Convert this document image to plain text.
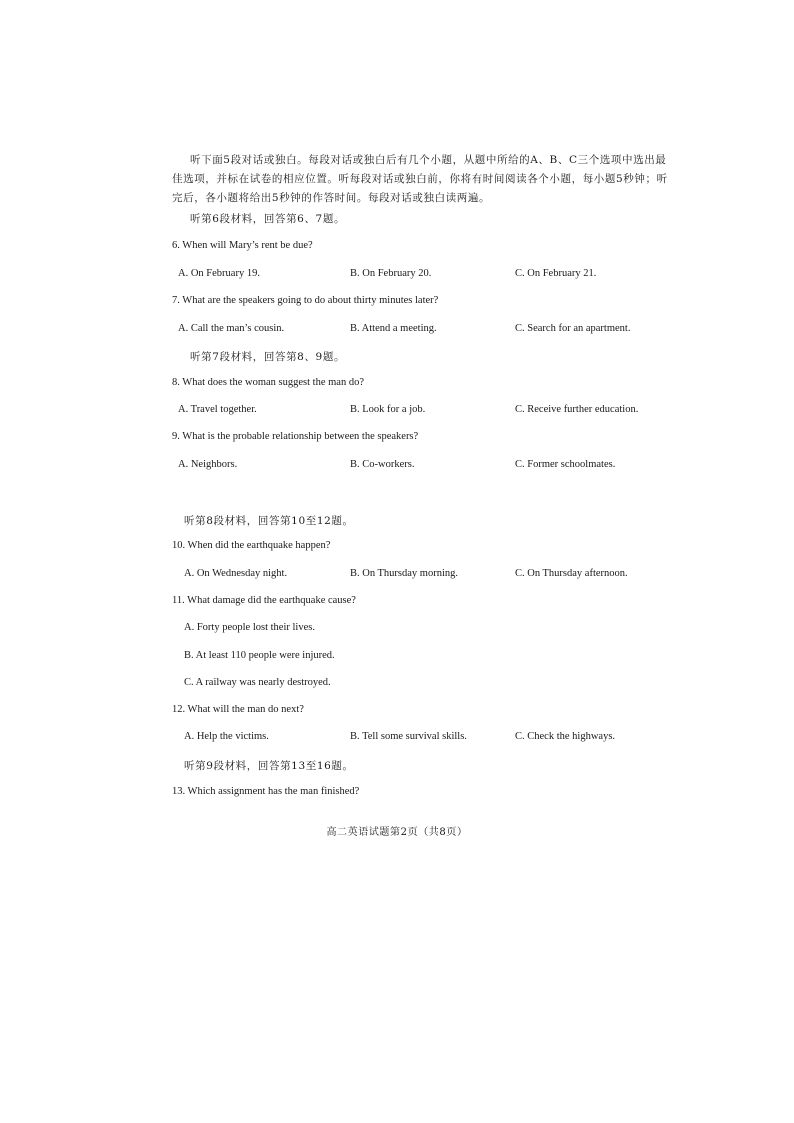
听下面5段对话或独白。每段对话或独白后有几个小题，从题中所给的A、B、C三个选项中选出最佳选项，并标在试卷的相应位置。听每段对话或独白前，你将有时间阅读各个小题，每小题5秒钟；听完后，各小题将给出5秒钟的作答时间。每段对话或独白读两遍。
听第6段材料，回答第6、7题。
6. When will Mary’s rent be due?
A. On February 19.	B. On February 20.	C. On February 21.
7. What are the speakers going to do about thirty minutes later?
A. Call the man’s cousin.	B. Attend a meeting.	C. Search for an apartment.
听第7段材料，回答第8、9题。
8. What does the woman suggest the man do?
A. Travel together.	B. Look for a job.	C. Receive further education.
9. What is the probable relationship between the speakers?
A. Neighbors.	B. Co-workers.	C. Former schoolmates.
听第8段材料，回答第10至12题。
10. When did the earthquake happen?
A. On Wednesday night.	B. On Thursday morning.	C. On Thursday afternoon.
11. What damage did the earthquake cause?
A. Forty people lost their lives.
B. At least 110 people were injured.
C. A railway was nearly destroyed.
12. What will the man do next?
A. Help the victims.	B. Tell some survival skills.	C. Check the highways.
听第9段材料，回答第13至16题。
13. Which assignment has the man finished?
高二英语试题第2页（共8页）
